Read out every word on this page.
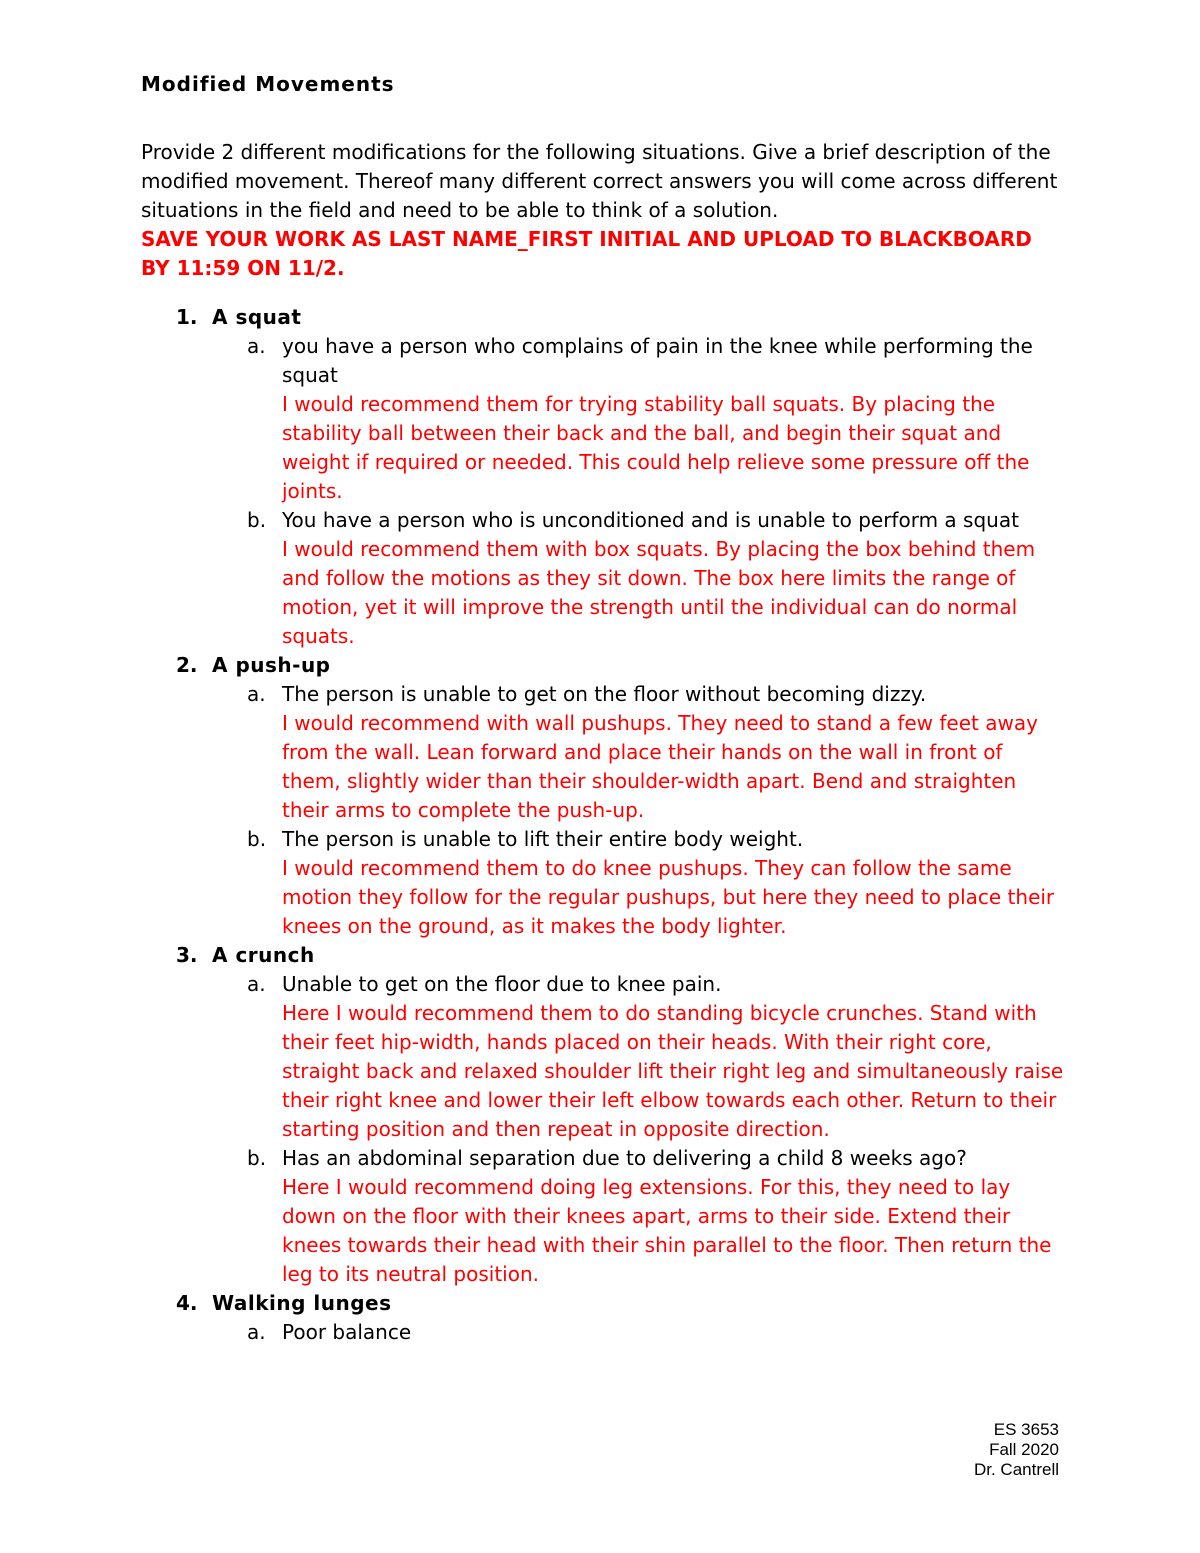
Modified Movements

Provide 2 different modifications for the following situations. Give a brief description of the modified movement. Thereof many different correct answers you will come across different situations in the field and need to be able to think of a solution.

SAVE YOUR WORK AS LAST NAME_FIRST INITIAL AND UPLOAD TO BLACKBOARD BY 11:59 ON 11/2.

1. A squat
a. you have a person who complains of pain in the knee while performing the squat
I would recommend them for trying stability ball squats. By placing the stability ball between their back and the ball, and begin their squat and weight if required or needed. This could help relieve some pressure off the joints.
b. You have a person who is unconditioned and is unable to perform a squat
I would recommend them with box squats. By placing the box behind them and follow the motions as they sit down. The box here limits the range of motion, yet it will improve the strength until the individual can do normal squats.
2. A push-up
a. The person is unable to get on the floor without becoming dizzy.
I would recommend with wall pushups. They need to stand a few feet away from the wall. Lean forward and place their hands on the wall in front of them, slightly wider than their shoulder-width apart. Bend and straighten their arms to complete the push-up.
b. The person is unable to lift their entire body weight.
I would recommend them to do knee pushups. They can follow the same motion they follow for the regular pushups, but here they need to place their knees on the ground, as it makes the body lighter.
3. A crunch
a. Unable to get on the floor due to knee pain.
Here I would recommend them to do standing bicycle crunches. Stand with their feet hip-width, hands placed on their heads. With their right core, straight back and relaxed shoulder lift their right leg and simultaneously raise their right knee and lower their left elbow towards each other. Return to their starting position and then repeat in opposite direction.
b. Has an abdominal separation due to delivering a child 8 weeks ago?
Here I would recommend doing leg extensions. For this, they need to lay down on the floor with their knees apart, arms to their side. Extend their knees towards their head with their shin parallel to the floor. Then return the leg to its neutral position.
4. Walking lunges
a. Poor balance
ES 3653
Fall 2020
Dr. Cantrell
